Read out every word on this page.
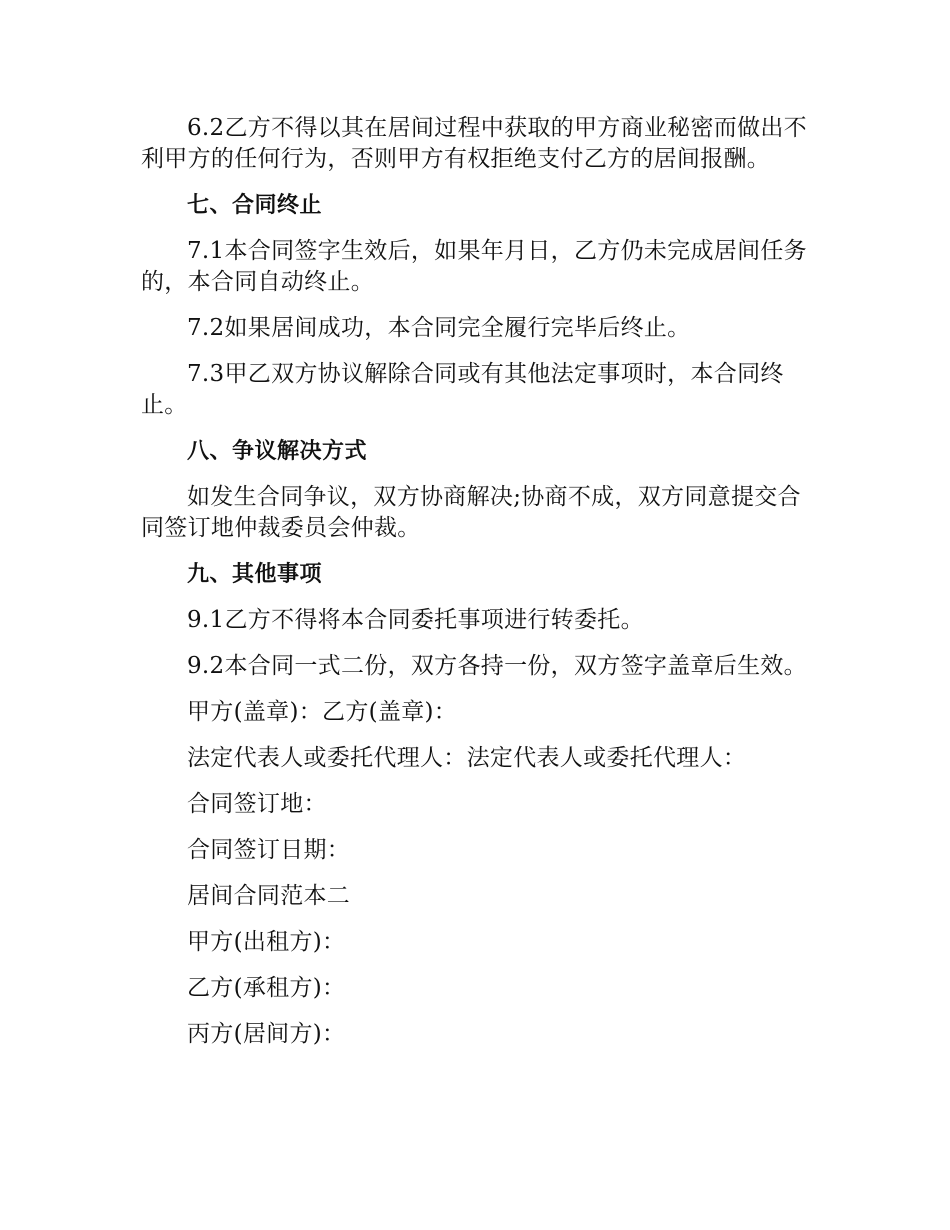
6.2乙方不得以其在居间过程中获取的甲方商业秘密而做出不利甲方的任何行为，否则甲方有权拒绝支付乙方的居间报酬。

七、合同终止

7.1本合同签字生效后，如果年月日，乙方仍未完成居间任务的，本合同自动终止。

7.2如果居间成功，本合同完全履行完毕后终止。

7.3甲乙双方协议解除合同或有其他法定事项时，本合同终止。

八、争议解决方式

如发生合同争议，双方协商解决;协商不成，双方同意提交合同签订地仲裁委员会仲裁。

九、其他事项

9.1乙方不得将本合同委托事项进行转委托。

9.2本合同一式二份，双方各持一份，双方签字盖章后生效。

甲方(盖章)：乙方(盖章)：

法定代表人或委托代理人：法定代表人或委托代理人：

合同签订地：

合同签订日期：

居间合同范本二

甲方(出租方)：

乙方(承租方)：

丙方(居间方)：
